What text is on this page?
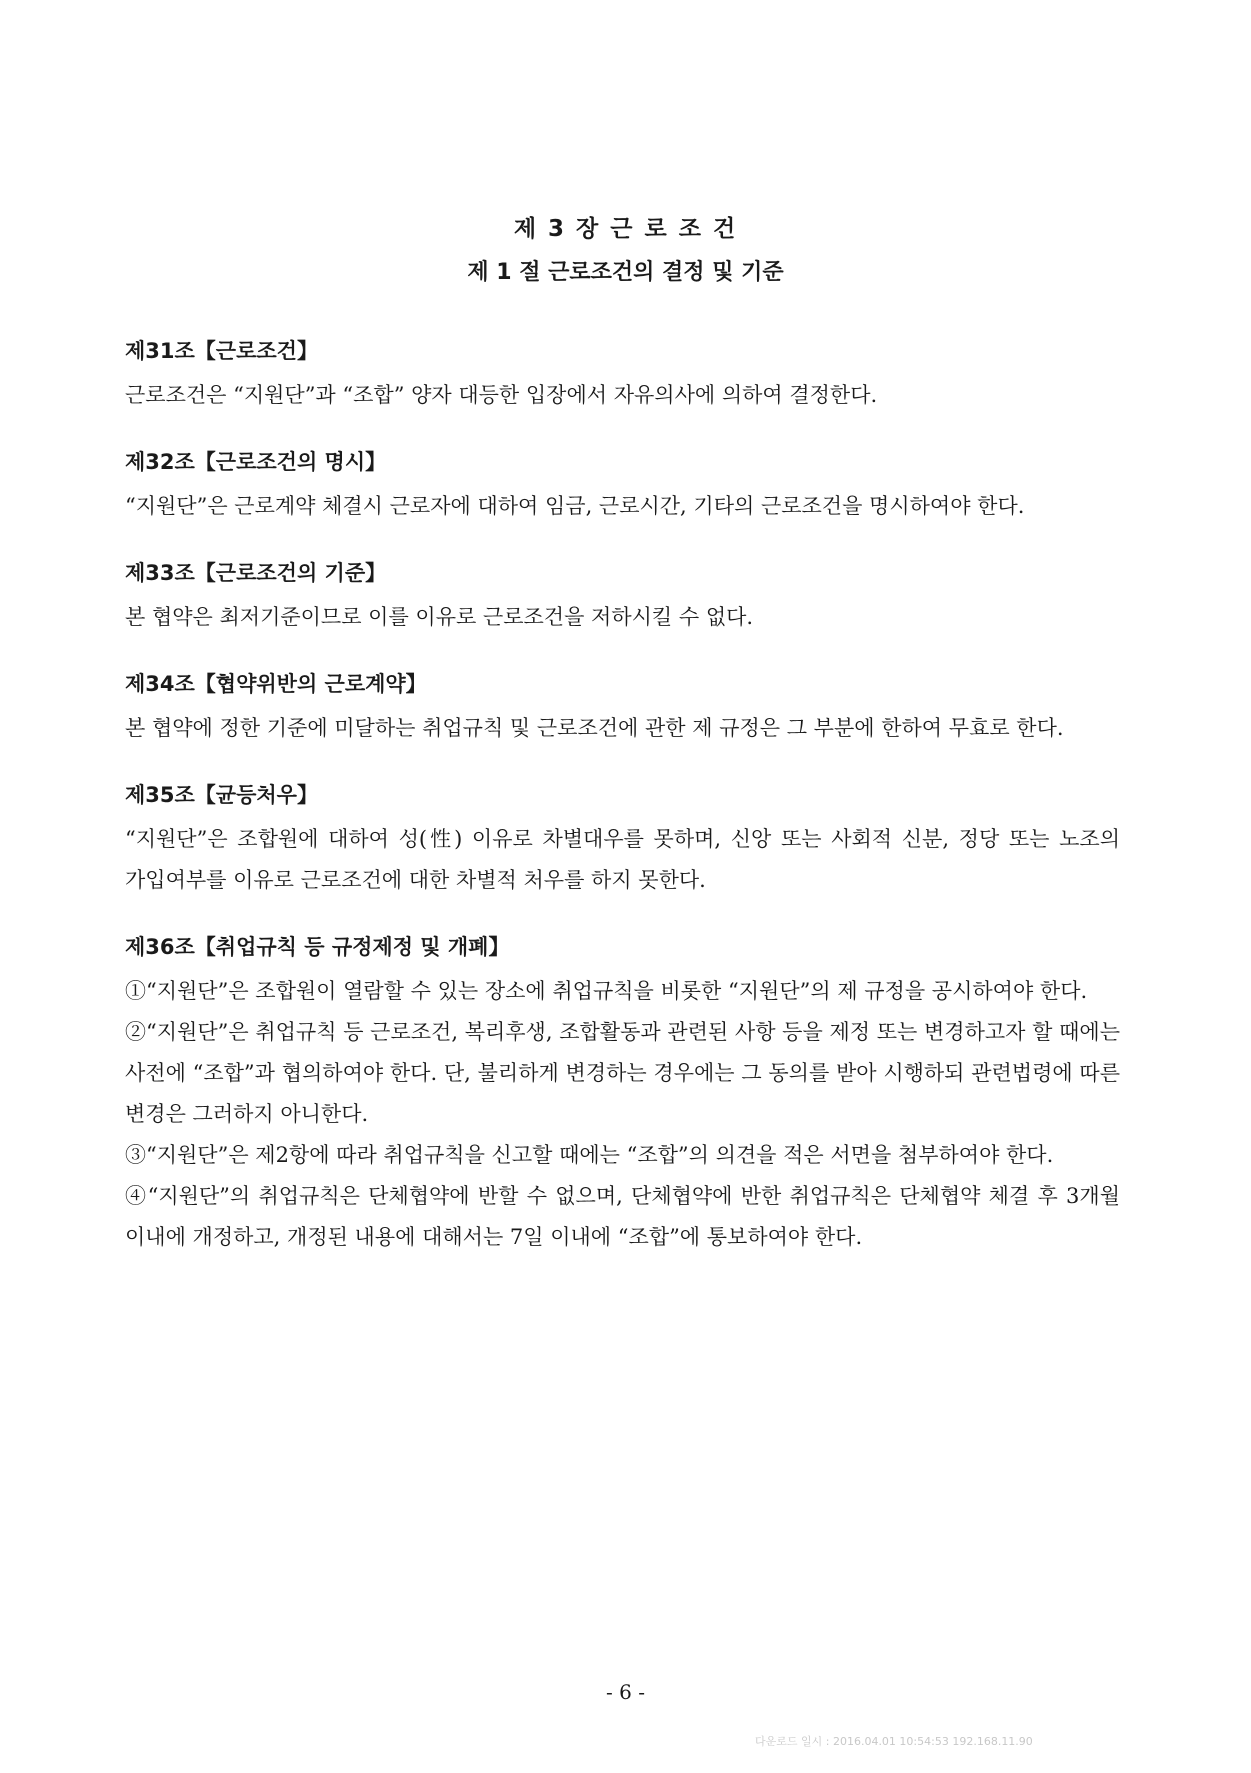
제 3 장 근 로 조 건
제 1 절 근로조건의 결정 및 기준
제31조【근로조건】
근로조건은 “지원단”과 “조합” 양자 대등한 입장에서 자유의사에 의하여 결정한다.
제32조【근로조건의 명시】
“지원단”은 근로계약 체결시 근로자에 대하여 임금, 근로시간, 기타의 근로조건을 명시하여야 한다.
제33조【근로조건의 기준】
본 협약은 최저기준이므로 이를 이유로 근로조건을 저하시킬 수 없다.
제34조【협약위반의 근로계약】
본 협약에 정한 기준에 미달하는 취업규칙 및 근로조건에 관한 제 규정은 그 부분에 한하여 무효로 한다.
제35조【균등처우】
“지원단”은 조합원에 대하여 성(性) 이유로 차별대우를 못하며, 신앙 또는 사회적 신분, 정당 또는 노조의 가입여부를 이유로 근로조건에 대한 차별적 처우를 하지 못한다.
제36조【취업규칙 등 규정제정 및 개폐】
①“지원단”은 조합원이 열람할 수 있는 장소에 취업규칙을 비롯한 “지원단”의 제 규정을 공시하여야 한다.
②“지원단”은 취업규칙 등 근로조건, 복리후생, 조합활동과 관련된 사항 등을 제정 또는 변경하고자 할 때에는 사전에 “조합”과 협의하여야 한다. 단, 불리하게 변경하는 경우에는 그 동의를 받아 시행하되 관련법령에 따른 변경은 그러하지 아니한다.
③“지원단”은 제2항에 따라 취업규칙을 신고할 때에는 “조합”의 의견을 적은 서면을 첨부하여야 한다.
④“지원단”의 취업규칙은 단체협약에 반할 수 없으며, 단체협약에 반한 취업규칙은 단체협약 체결 후 3개월 이내에 개정하고, 개정된 내용에 대해서는 7일 이내에 “조합”에 통보하여야 한다.
- 6 -
다운로드 일시 : 2016.04.01 10:54:53 192.168.11.90
